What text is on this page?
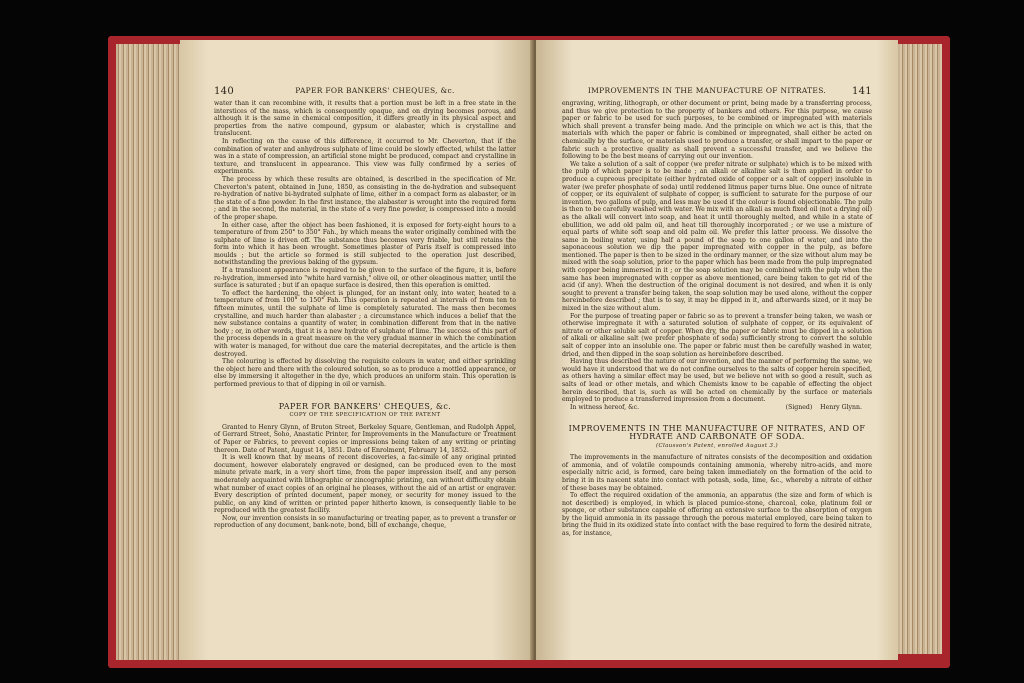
140	PAPER FOR BANKERS' CHEQUES, &c.

water than it can recombine with, it results that a portion must be left in a free state in the interstices of the mass, which is consequently opaque, and on drying becomes porous, and although it is the same in chemical composition, it differs greatly in its physical aspect and properties from the native compound, gypsum or alabaster, which is crystalline and translucent.

In reflecting on the cause of this difference, it occurred to Mr. Cheverton, that if the combination of water and anhydrous sulphate of lime could be slowly effected, whilst the latter was in a state of compression, an artificial stone might be produced, compact and crystalline in texture, and translucent in appearance. This view was fully confirmed by a series of experiments.

The process by which these results are obtained, is described in the specification of Mr. Cheverton's patent, obtained in June, 1850, as consisting in the de-hydration and subsequent re-hydration of native bi-hydrated sulphate of lime, either in a compact form as alabaster, or in the state of a fine powder. In the first instance, the alabaster is wrought into the required form ; and in the second, the material, in the state of a very fine powder, is compressed into a mould of the proper shape.

In either case, after the object has been fashioned, it is exposed for forty-eight hours to a temperature of from 250° to 350° Fah., by which means the water originally combined with the sulphate of lime is driven off. The substance thus becomes very friable, but still retains the form into which it has been wrought. Sometimes plaster of Paris itself is compressed into moulds ; but the article so formed is still subjected to the operation just described, notwithstanding the previous baking of the gypsum.

If a translucent appearance is required to be given to the surface of the figure, it is, before re-hydration, immersed into "white hard varnish," olive oil, or other oleaginous matter, until the surface is saturated ; but if an opaque surface is desired, then this operation is omitted.

To effect the hardening, the object is plunged, for an instant only, into water, heated to a temperature of from 100° to 150° Fah. This operation is repeated at intervals of from ten to fifteen minutes, until the sulphate of lime is completely saturated. The mass then becomes crystalline, and much harder than alabaster ; a circumstance which induces a belief that the new substance contains a quantity of water, in combination different from that in the native body ; or, in other words, that it is a new hydrate of sulphate of lime. The success of this part of the process depends in a great measure on the very gradual manner in which the combination with water is managed, for without due care the material decrepitates, and the article is then destroyed.

The colouring is effected by dissolving the requisite colours in water, and either sprinkling the object here and there with the coloured solution, so as to produce a mottled appearance, or else by immersing it altogether in the dye, which produces an uniform stain. This operation is performed previous to that of dipping in oil or varnish.

PAPER FOR BANKERS' CHEQUES, &c.
COPY OF THE SPECIFICATION OF THE PATENT

Granted to Henry Glynn, of Bruton Street, Berkeley Square, Gentleman, and Rudolph Appel, of Gerrard Street, Soho, Anastatic Printer, for Improvements in the Manufacture or Treatment of Paper or Fabrics, to prevent copies or impressions being taken of any writing or printing thereon. Date of Patent, August 14, 1851. Date of Enrolment, February 14, 1852.

It is well known that by means of recent discoveries, a fac-simile of any original printed document, however elaborately engraved or designed, can be produced even to the most minute private mark, in a very short time, from the paper impression itself, and any person moderately acquainted with lithographic or zincographic printing, can without difficulty obtain what number of exact copies of an original he pleases, without the aid of an artist or engraver. Every description of printed document, paper money, or security for money issued to the public, on any kind of written or printed paper hitherto known, is consequently liable to be reproduced with the greatest facility.

Now, our invention consists in so manufacturing or treating paper, as to prevent a transfer or reproduction of any document, bank-note, bond, bill of exchange, cheque,

IMPROVEMENTS IN THE MANUFACTURE OF NITRATES.	141

engraving, writing, lithograph, or other document or print, being made by a transferring process, and thus we give protection to the property of bankers and others. For this purpose, we cause paper or fabric to be used for such purposes, to be combined or impregnated with materials which shall prevent a transfer being made. And the principle on which we act is this, that the materials with which the paper or fabric is combined or impregnated, shall either be acted on chemically by the surface, or materials used to produce a transfer, or shall impart to the paper or fabric such a protective quality as shall prevent a successful transfer, and we believe the following to be the best means of carrying out our invention.

We take a solution of a salt of copper (we prefer nitrate or sulphate) which is to be mixed with the pulp of which paper is to be made ; an alkali or alkaline salt is then applied in order to produce a cupreous precipitate (either hydrated oxide of copper or a salt of copper) insoluble in water (we prefer phosphate of soda) until reddened litmus paper turns blue. One ounce of nitrate of copper, or its equivalent of sulphate of copper, is sufficient to saturate for the purpose of our invention, two gallons of pulp, and less may be used if the colour is found objectionable. The pulp is then to be carefully washed with water. We mix with an alkali as much fixed oil (not a drying oil) as the alkali will convert into soap, and heat it until thoroughly melted, and while in a state of ebullition, we add old palm oil, and heat till thoroughly incorporated ; or we use a mixture of equal parts of white soft soap and old palm oil. We prefer this latter process. We dissolve the same in boiling water, using half a pound of the soap to one gallon of water, and into the saponaceous solution we dip the paper impregnated with copper in the pulp, as before mentioned. The paper is then to be sized in the ordinary manner, or the size without alum may be mixed with the soap solution, prior to the paper which has been made from the pulp impregnated with copper being immersed in it ; or the soap solution may be combined with the pulp when the same has been impregnated with copper as above mentioned, care being taken to get rid of the acid (if any). When the destruction of the original document is not desired, and when it is only sought to prevent a transfer being taken, the soap solution may be used alone, without the copper hereinbefore described ; that is to say, it may be dipped in it, and afterwards sized, or it may be mixed in the size without alum.

For the purpose of treating paper or fabric so as to prevent a transfer being taken, we wash or otherwise impregnate it with a saturated solution of sulphate of copper, or its equivalent of nitrate or other soluble salt of copper. When dry, the paper or fabric must be dipped in a solution of alkali or alkaline salt (we prefer phosphate of soda) sufficiently strong to convert the soluble salt of copper into an insoluble one. The paper or fabric must then be carefully washed in water, dried, and then dipped in the soap solution as hereinbefore described.

Having thus described the nature of our invention, and the manner of performing the same, we would have it understood that we do not confine ourselves to the salts of copper herein specified, as others having a similar effect may be used, but we believe not with so good a result, such as salts of lead or other metals, and which Chemists know to be capable of effecting the object herein described, that is, such as will be acted on chemically by the surface or materials employed to produce a transferred impression from a document.

In witness hereof, &c.	(Signed) Henry Glynn.
IMPROVEMENTS IN THE MANUFACTURE OF NITRATES, AND OF HYDRATE AND CARBONATE OF SODA.
(Clausson's Patent, enrolled August 3.)

The improvements in the manufacture of nitrates consists of the decomposition and oxidation of ammonia, and of volatile compounds containing ammonia, whereby nitro-acids, and more especially nitric acid, is formed, care being taken immediately on the formation of the acid to bring it in its nascent state into contact with potash, soda, lime, &c., whereby a nitrate of either of these bases may be obtained.

To effect the required oxidation of the ammonia, an apparatus (the size and form of which is not described) is employed, in which is placed pumice-stone, charcoal, coke, platinum foil or sponge, or other substance capable of offering an extensive surface to the absorption of oxygen by the liquid ammonia in its passage through the porous material employed, care being taken to bring the fluid in its oxidized state into contact with the base required to form the desired nitrate, as, for instance,
